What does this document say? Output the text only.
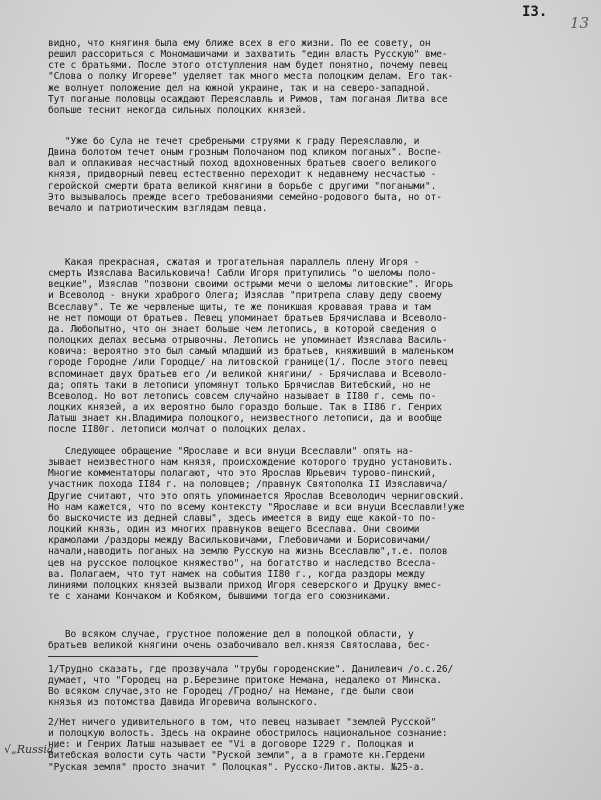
I3.
13
видно, что княгиня была ему ближе всех в его жизни. По ее совету, он
решил рассориться с Мономашичами и захватить "един власть Русскую" вме-
сте с братьями. После этого отступления нам будет понятно, почему певец
"Слова о полку Игореве" уделяет так много места полоцким делам. Его так-
же волнует положение дел на южной украине, так и на северо-западной.
Тут поганые половцы осаждают Переяславль и Римов, там поганая Литва все
больше теснит некогда сильных полоцких князей.
"Уже бо Сула не течет сребреными струями к граду Переяславлю, и
Двина болотом течет оным грозным Полочаном под кликом поганых". Воспе-
вал и оплакивая несчастный поход вдохновенных братьев своего великого
князя, придворный певец естественно переходит к недавнему несчастью -
геройской смерти брата великой княгини в борьбе с другими "погаными".
Это вызывалось прежде всего требованиями семейно-родового быта, но от-
вечало и патриотическим взглядам певца.
Какая прекрасная, сжатая и трогательная параллель плену Игоря -
смерть Изяслава Васильковича! Сабли Игоря притупились "о шеломы поло-
вецкие", Изяслав "позвони своими острыми мечи о шеломы литовские". Игорь
и Всеволод - внуки храброго Олега; Изяслав "притрепа славу деду своему
Всеславу". Те же червленые щиты, те же поникшая кровавая трава и там
не нет помощи от братьев. Певец упоминает братьев Брячислава и Всеволо-
да. Любопытно, что он знает больше чем летопись, в которой сведения о
полоцких делах весьма отрывочны. Летопись не упоминает Изяслава Василь-
ковича: вероятно это был самый младший из братьев, княживший в маленьком
городе Городне /или Городце/ на литовской границе(1/. После этого певец
вспоминает двух братьев его /и великой княгини/ - Брячислава и Всеволо-
да; опять таки в летописи упомянут только Брячислав Витебский, но не
Всеволод. Но вот летопись совсем случайно называет в II80 г. семь по-
лоцких князей, а их вероятно было гораздо больше. Так в II86 г. Генрих
Латыш знает кн.Владимира полоцкого, неизвестного летописи, да и вообще
после II80г. летописи молчат о полоцких делах.
Следующее обращение "Ярославе и вси внуци Всеславли" опять на-
зывает неизвестного нам князя, происхождение которого трудно установить.
Многие комментаторы полагают, что это Ярослав Юрьевич турово-пинский,
участник похода II84 г. на половцев; /правнук Святополка II Изяславича/
Другие считают, что это опять упоминается Ярослав Всеволодич черниговский.
Но нам кажется, что по всему контексту "Ярославе и вси внуци Всеславли!уже
бо выскочисте из дедней славы", здесь имеется в виду еще какой-то по-
лоцкий князь, один из многих правнуков вещего Всеслава. Они своими
крамолами /раздоры между Васильковичами, Глебовичами и Борисовичами/
начали,наводить поганых на землю Русскую на жизнь Всеславлю",т.е. полов
цев на русское полоцкое княжество", на богатство и наследство Всесла-
ва. Полагаем, что тут намек на события II80 г., когда раздоры между
линиями полоцких князей вызвали приход Игоря северского и Друцку вмес-
те с ханами Кончаком и Кобяком, бывшими тогда его союзниками.
Во всяком случае, грустное положение дел в полоцкой области, у
братьев великой княгини очень озабочивало вел.князя Святослава, бес-
1/Трудно сказать, где прозвучала "трубы городенские". Данилевич /о.с.26/
думает, что "Городец на р.Березине притоке Немана, недалеко от Минска.
Во всяком случае,это не Городец /Гродно/ на Немане, где были свои
князья из потомства Давида Игоревича волынского.
2/Нет ничего удивительного в том, что певец называет "землей Русской"
и полоцкую волость. Здесь на окраине обострилось национальное сознание:
ние: и Генрих Латыш называет ее "Vi в договоре I229 г. Полоцкая и
Витебская волости суть части "Руской земли", а в грамоте кн.Гердени
"Руская земля" просто значит " Полоцкая". Русско-Литов.акты. №25-а.
√„Russia”
